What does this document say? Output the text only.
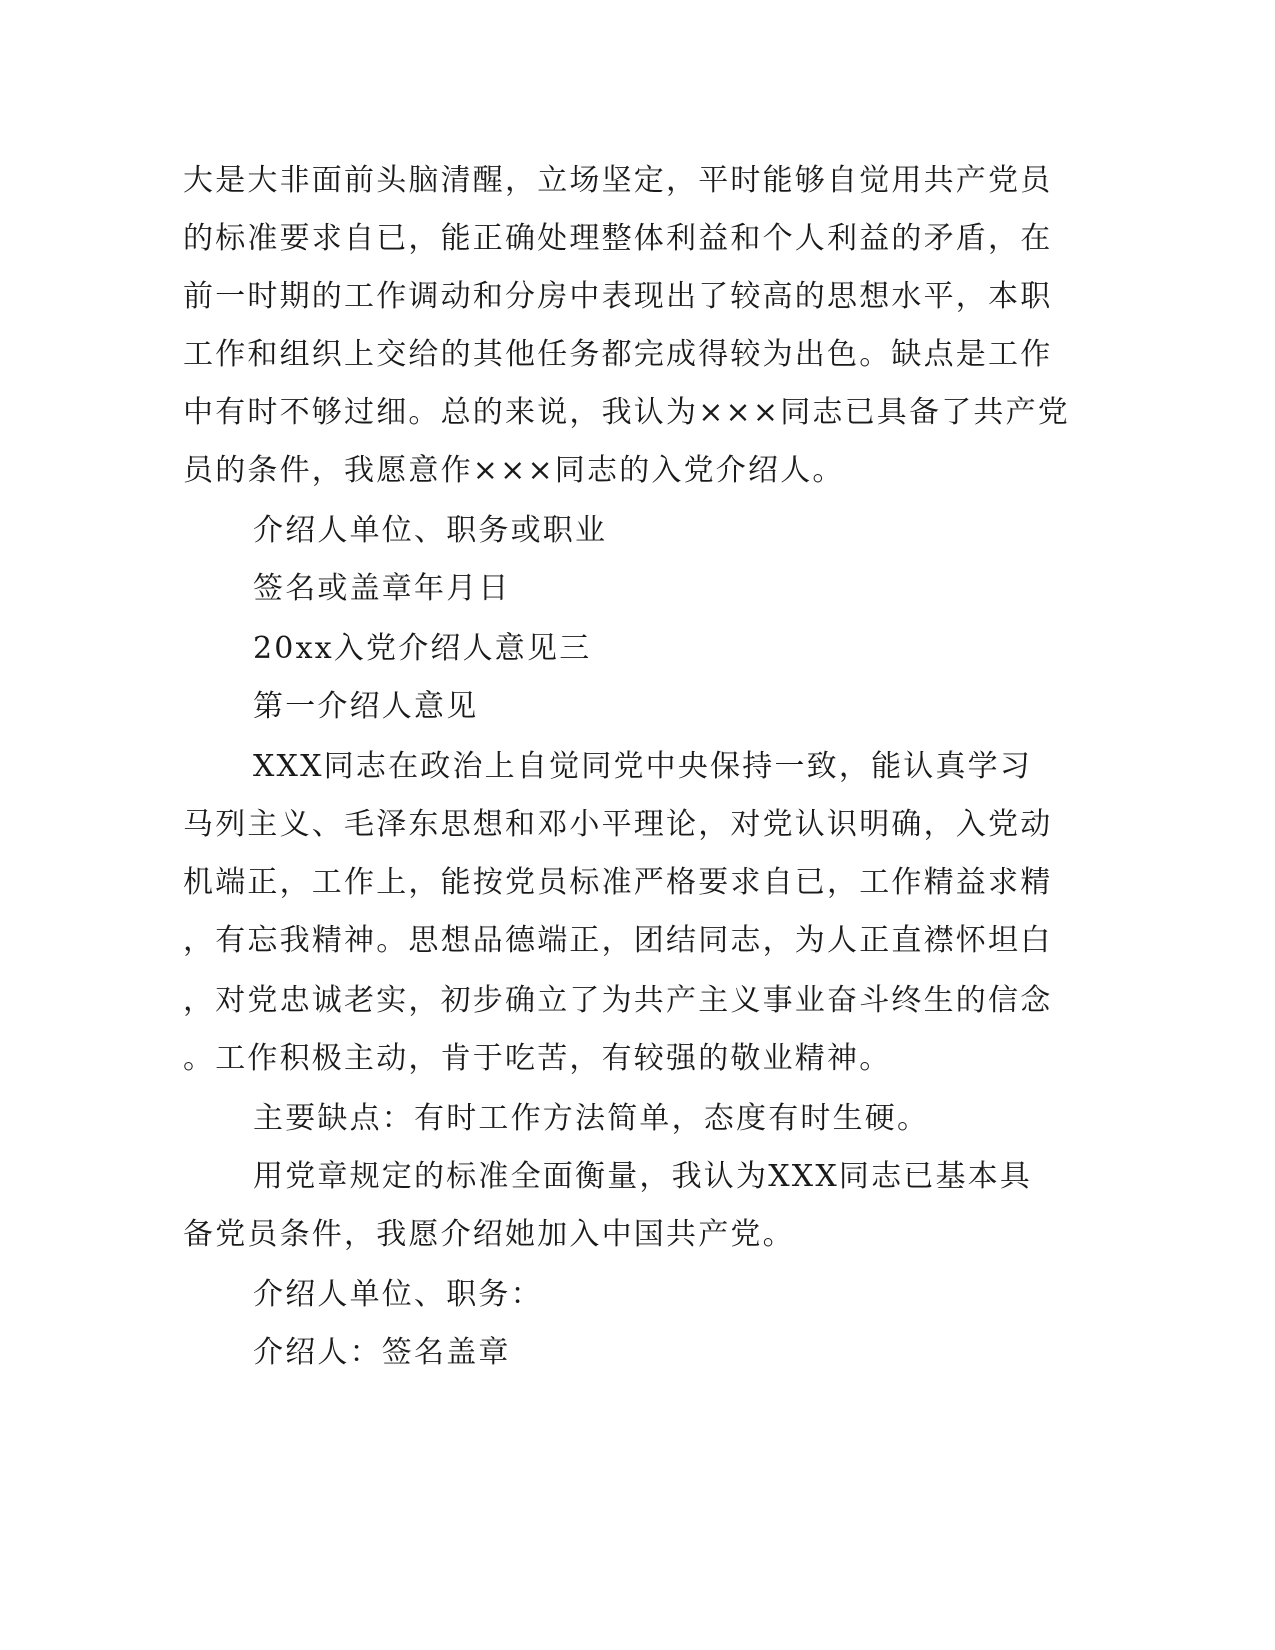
大是大非面前头脑清醒，立场坚定，平时能够自觉用共产党员
的标准要求自已，能正确处理整体利益和个人利益的矛盾，在
前一时期的工作调动和分房中表现出了较高的思想水平，本职
工作和组织上交给的其他任务都完成得较为出色。缺点是工作
中有时不够过细。总的来说，我认为×××同志已具备了共产党
员的条件，我愿意作×××同志的入党介绍人。
介绍人单位、职务或职业
签名或盖章年月日
20xx入党介绍人意见三
第一介绍人意见
XXX同志在政治上自觉同党中央保持一致，能认真学习
马列主义、毛泽东思想和邓小平理论，对党认识明确，入党动
机端正，工作上，能按党员标准严格要求自已，工作精益求精
，有忘我精神。思想品德端正，团结同志，为人正直襟怀坦白
，对党忠诚老实，初步确立了为共产主义事业奋斗终生的信念
。工作积极主动，肯于吃苦，有较强的敬业精神。
主要缺点：有时工作方法简单，态度有时生硬。
用党章规定的标准全面衡量，我认为XXX同志已基本具
备党员条件，我愿介绍她加入中国共产党。
介绍人单位、职务：
介绍人：签名盖章
